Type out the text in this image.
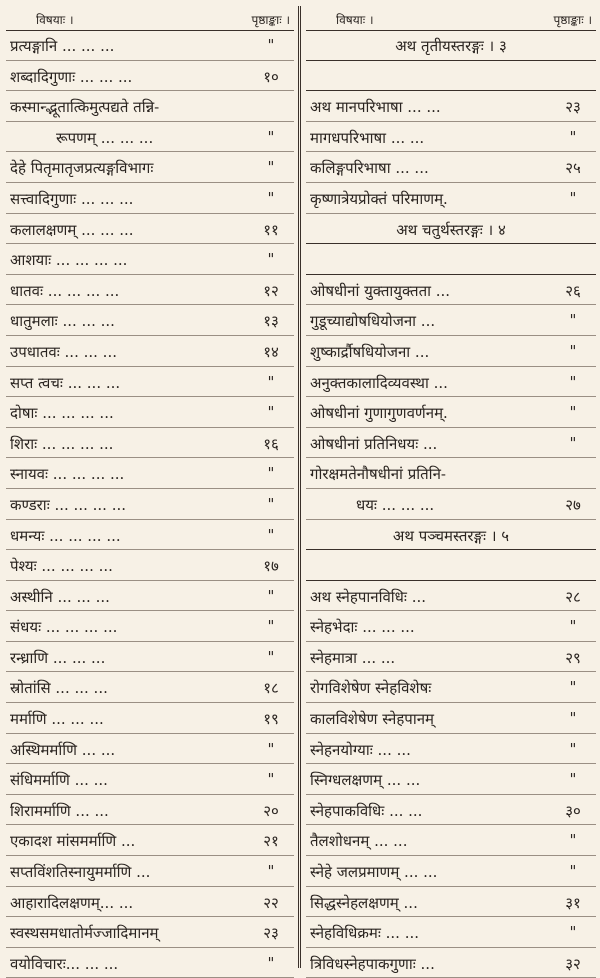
विषयाः ।	पृष्ठाङ्काः ।
प्रत्यङ्गानि ... ... ...	"
शब्दादिगुणाः ... ... ...	१०
कस्मान्द्भूतात्किमुत्पद्यते तन्नि-
रूपणम् ... ... ...	"
देहे पितृमातृजप्रत्यङ्गविभागः	"
सत्त्वादिगुणाः ... ... ...	"
कलालक्षणम् ... ... ...	११
आशयाः ... ... ... ...	"
धातवः ... ... ... ...	१२
धातुमलाः ... ... ...	१३
उपधातवः ... ... ...	१४
सप्त त्वचः ... ... ...	"
दोषाः ... ... ... ...	"
शिराः ... ... ... ...	१६
स्नायवः ... ... ... ...	"
कण्डराः ... ... ... ...	"
धमन्यः ... ... ... ...	"
पेश्यः ... ... ... ...	१७
अस्थीनि ... ... ...	"
संधयः ... ... ... ...	"
रन्ध्राणि ... ... ...	"
स्रोतांसि ... ... ...	१८
मर्माणि ... ... ...	१९
अस्थिमर्माणि ... ...	"
संधिमर्माणि ... ...	"
शिरामर्माणि ... ...	२०
एकादश मांसमर्माणि ...	२१
सप्तविंशतिस्नायुमर्माणि ...	"
आहारादिलक्षणम्... ...	२२
स्वस्थसमधातोर्मज्जादिमानम्	२३
वयोविचारः... ... ...	"
विषयाः ।	पृष्ठाङ्काः ।
अथ तृतीयस्तरङ्गः । ३
अथ मानपरिभाषा ... ...	२३
मागधपरिभाषा ... ...	"
कलिङ्गपरिभाषा ... ...	२५
कृष्णात्रेयप्रोक्तं परिमाणम्.	"
अथ चतुर्थस्तरङ्गः । ४
ओषधीनां युक्तायुक्तता ...	२६
गुडूच्याद्योषधियोजना ...	"
शुष्कार्द्रौषधियोजना ...	"
अनुक्तकालादिव्यवस्था ...	"
ओषधीनां गुणागुणवर्णनम्.	"
ओषधीनां प्रतिनिधयः ...	"
गोरक्षमतेनौषधीनां प्रतिनि-
धयः ... ... ...	२७
अथ पञ्चमस्तरङ्गः । ५
अथ स्नेहपानविधिः ...	२८
स्नेहभेदाः ... ... ...	"
स्नेहमात्रा ... ...	२९
रोगविशेषेण स्नेहविशेषः	"
कालविशेषेण स्नेहपानम्	"
स्नेहनयोग्याः ... ...	"
स्निग्धलक्षणम् ... ...	"
स्नेहपाकविधिः ... ...	३०
तैलशोधनम् ... ...	"
स्नेहे जलप्रमाणम् ... ...	"
सिद्धस्नेहलक्षणम् ...	३१
स्नेहविधिक्रमः ... ...	"
त्रिविधस्नेहपाकगुणाः ...	३२
